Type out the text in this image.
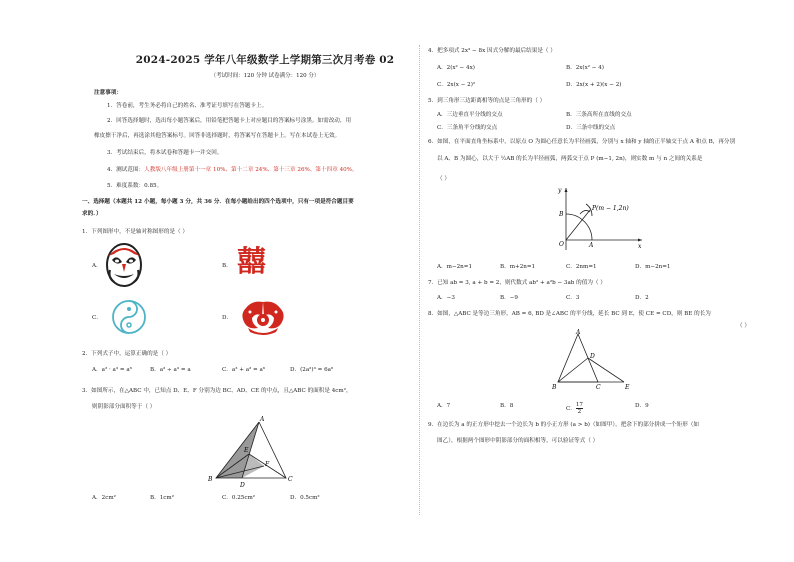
2024-2025 学年八年级数学上学期第三次月考卷 02
（考试时间：120 分钟 试卷满分：120 分）
注意事项：
1．答卷前，考生务必将自己的姓名、准考证号填写在答题卡上。
2．回答选择题时，选出每小题答案后，用铅笔把答题卡上对应题目的答案标号涂黑。如需改动，用
橡皮擦干净后，再选涂其他答案标号。回答非选择题时，将答案写在答题卡上。写在本试卷上无效。
3．考试结束后，将本试卷和答题卡一并交回。
4．测试范围：人教版八年级上册第十一章 10%、第十二章 24%、第十三章 26%、第十四章 40%。
5．难度系数：0.85。
一、选择题（本题共 12 小题，每小题 3 分，共 36 分．在每小题给出的四个选项中，只有一项是符合题目要
求的．）
1．下列图形中，不是轴对称图形的是（ ）
A．	B． 囍
C．	D．
2．下列式子中，运算正确的是（ ）
A．a² · a³ = a⁶	B．a³ ÷ a³ = a	C．a³ + a³ = a⁶	D．(2a²)³ = 6a⁶
3．如图所示，在△ABC 中，已知点 D、E、F 分别为边 BC、AD、CE 的中点，且△ABC 的面积是 4cm²，
则阴影部分面积等于（ ）
A
B	C
D
E
F
A．2cm²	B．1cm²	C．0.25cm²	D．0.5cm²
4．把多项式 2x³ − 8x 因式分解的最后结果是（ ）
A．2(x² − 4x)	B．2x(x² − 4)
C．2x(x − 2)²	D．2x(x + 2)(x − 2)
5．到三角形三边距离相等的点是三角形的（ ）
A．三边垂直平分线的交点	B．三条高所在直线的交点
C．三条角平分线的交点	D．三条中线的交点
6．如图，在平面直角坐标系中，以原点 O 为圆心任意长为半径画弧，分别与 x 轴和 y 轴的正半轴交于点 A 和点 B，再分别
以 A、B 为圆心，以大于 ½AB 的长为半径画弧，两弧交于点 P (m−1, 2n)，则实数 m 与 n 之间的关系是
（ ）
y
x
O	A
B
P(m − 1,2n)
A．m−2n=1	B．m+2n=1	C．2nm=1	D．m−2n=1
7．已知 ab = 3, a + b = 2，则代数式 ab² + a²b − 3ab 的值为（ ）
A．−3	B．−9	C．3	D．2
8．如图，△ABC 是等边三角形，AB = 6, BD 是∠ABC 的平分线，延长 BC 到 E，使 CE = CD，则 BE 的长为
（ ）
A
B	C
D
E
A．7	B．8	C． $\frac{17}{2}$	D．9
9．在边长为 a 的正方形中挖去一个边长为 b 的小正方形 (a > b)（如图甲），把余下的部分拼成一个矩形（如
图乙），根据两个图形中阴影部分的面积相等，可以验证等式（ ）
